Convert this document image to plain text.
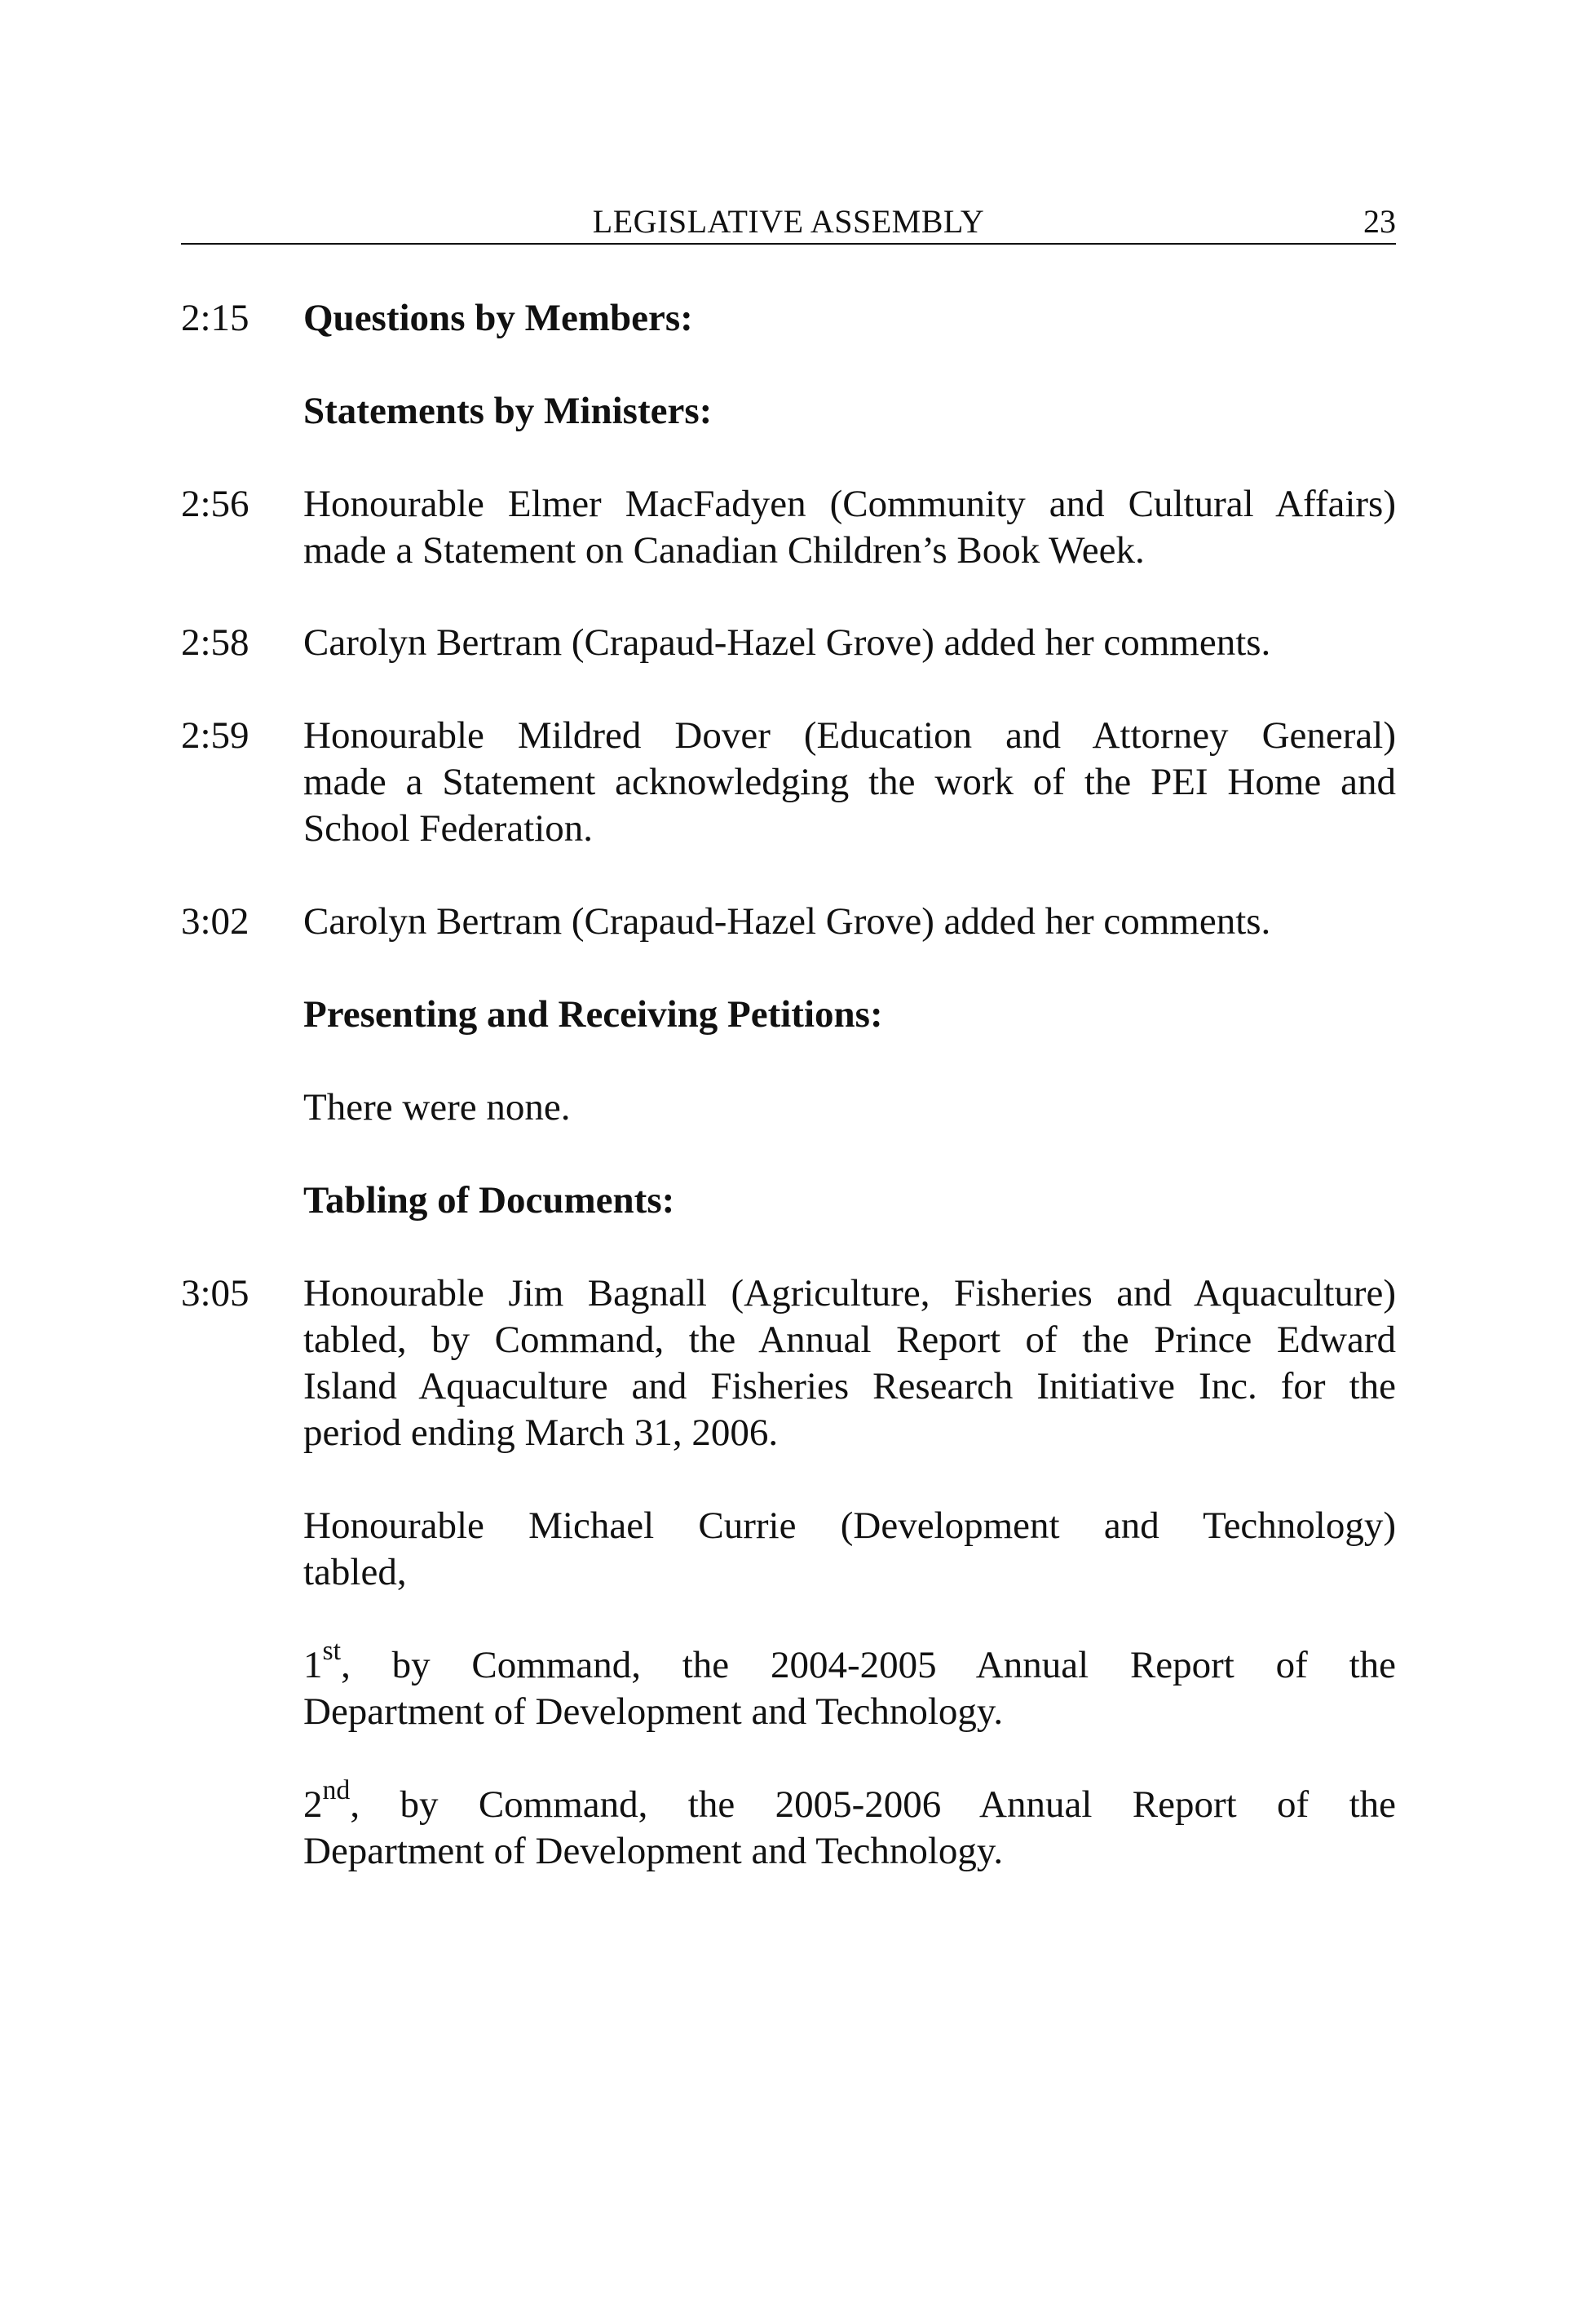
LEGISLATIVE ASSEMBLY	23
2:15 Questions by Members:
Statements by Ministers:
2:56 Honourable Elmer MacFadyen (Community and Cultural Affairs)
made a Statement on Canadian Children’s Book Week.
2:58 Carolyn Bertram (Crapaud-Hazel Grove) added her comments.
2:59 Honourable Mildred Dover (Education and Attorney General)
made a Statement acknowledging the work of the PEI Home and
School Federation.
3:02 Carolyn Bertram (Crapaud-Hazel Grove) added her comments.
Presenting and Receiving Petitions:
There were none.
Tabling of Documents:
3:05 Honourable Jim Bagnall (Agriculture, Fisheries and Aquaculture)
tabled, by Command, the Annual Report of the Prince Edward
Island Aquaculture and Fisheries Research Initiative Inc. for the
period ending March 31, 2006.
Honourable Michael Currie (Development and Technology)
tabled,
1st, by Command, the 2004-2005 Annual Report of the
Department of Development and Technology.
2nd, by Command, the 2005-2006 Annual Report of the
Department of Development and Technology.
